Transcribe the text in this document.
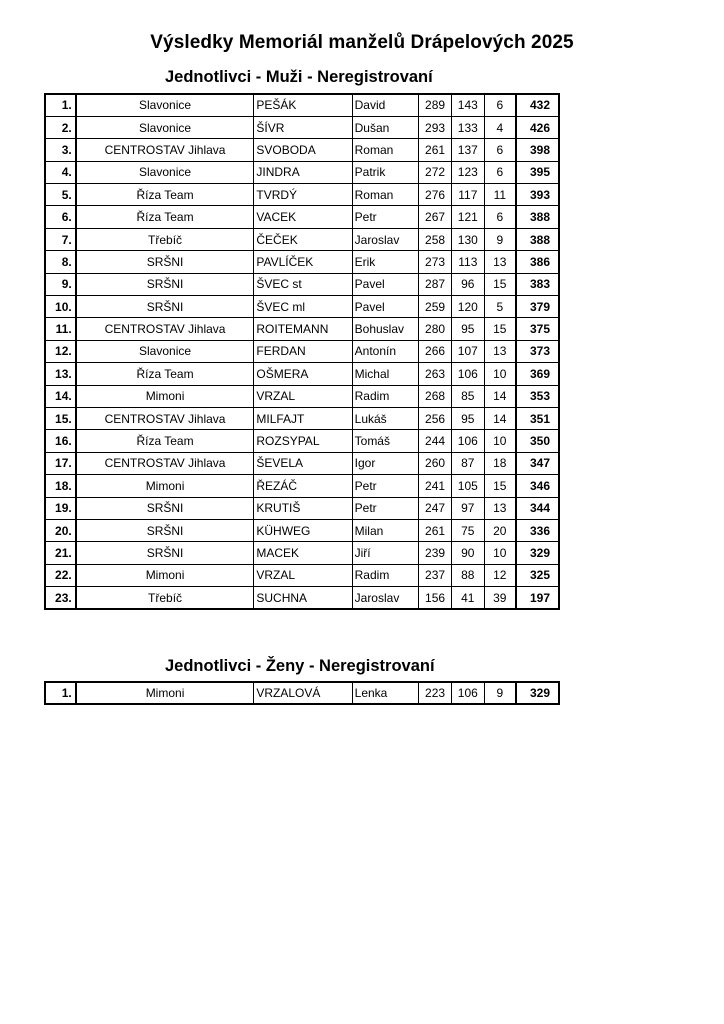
Výsledky Memoriál manželů Drápelových 2025
Jednotlivci - Muži - Neregistrovaní
1.	Slavonice	PEŠÁK	David	289	143	6	432
2.	Slavonice	ŠÍVR	Dušan	293	133	4	426
3.	CENTROSTAV Jihlava	SVOBODA	Roman	261	137	6	398
4.	Slavonice	JINDRA	Patrik	272	123	6	395
5.	Říza Team	TVRDÝ	Roman	276	117	11	393
6.	Říza Team	VACEK	Petr	267	121	6	388
7.	Třebíč	ČEČEK	Jaroslav	258	130	9	388
8.	SRŠNI	PAVLÍČEK	Erik	273	113	13	386
9.	SRŠNI	ŠVEC st	Pavel	287	96	15	383
10.	SRŠNI	ŠVEC ml	Pavel	259	120	5	379
11.	CENTROSTAV Jihlava	ROITEMANN	Bohuslav	280	95	15	375
12.	Slavonice	FERDAN	Antonín	266	107	13	373
13.	Říza Team	OŠMERA	Michal	263	106	10	369
14.	Mimoni	VRZAL	Radim	268	85	14	353
15.	CENTROSTAV Jihlava	MILFAJT	Lukáš	256	95	14	351
16.	Říza Team	ROZSYPAL	Tomáš	244	106	10	350
17.	CENTROSTAV Jihlava	ŠEVELA	Igor	260	87	18	347
18.	Mimoni	ŘEZÁČ	Petr	241	105	15	346
19.	SRŠNI	KRUTIŠ	Petr	247	97	13	344
20.	SRŠNI	KÜHWEG	Milan	261	75	20	336
21.	SRŠNI	MACEK	Jiří	239	90	10	329
22.	Mimoni	VRZAL	Radim	237	88	12	325
23.	Třebíč	SUCHNA	Jaroslav	156	41	39	197
Jednotlivci - Ženy - Neregistrovaní
1.	Mimoni	VRZALOVÁ	Lenka	223	106	9	329
